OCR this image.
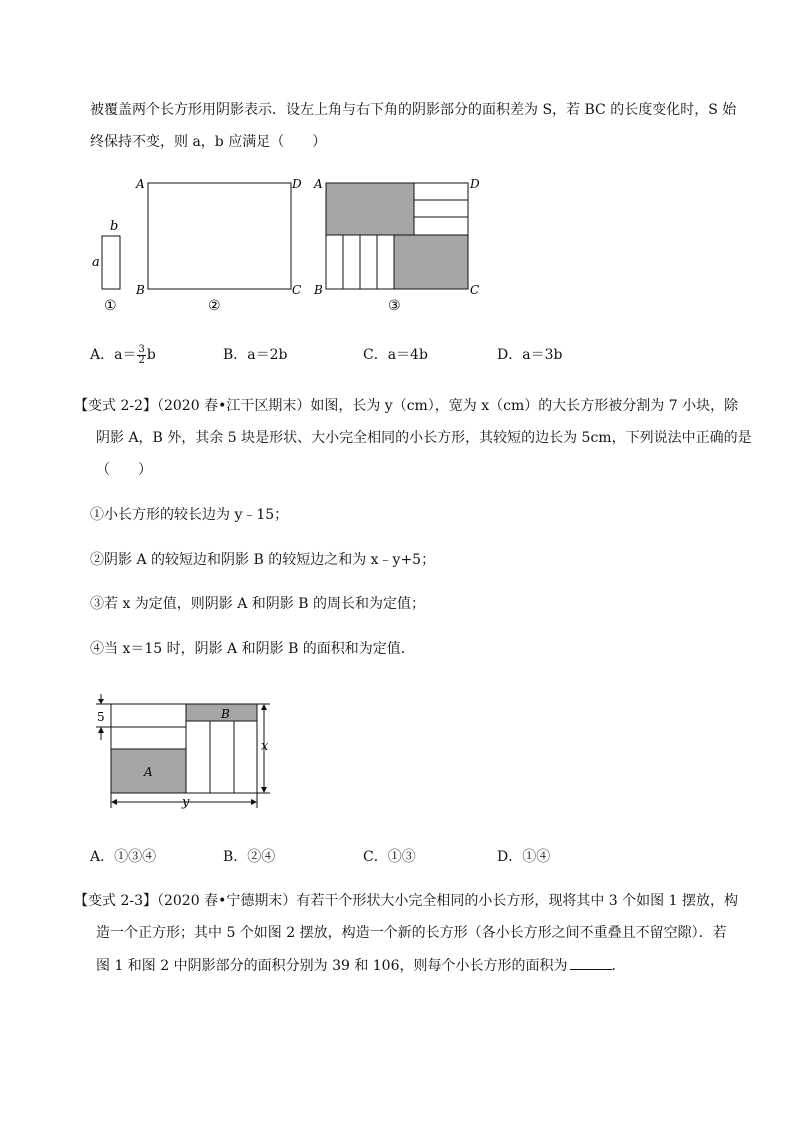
被覆盖两个长方形用阴影表示．设左上角与右下角的阴影部分的面积差为 S，若 BC 的长度变化时，S 始
终保持不变，则 a，b 应满足（　　）
b
a
①
A	D
B	C
②
A	D
B	C
③
A．$a= \frac{3}{2}$ b	B．a＝2b	C．a＝4b	D．a＝3b
【变式 2-2】（2020 春•江干区期末）如图，长为 y（cm），宽为 x（cm）的大长方形被分割为 7 小块，除
阴影 A，B 外，其余 5 块是形状、大小完全相同的小长方形，其较短的边长为 5cm，下列说法中正确的是
（　　）
①小长方形的较长边为 y﹣15；
②阴影 A 的较短边和阴影 B 的较短边之和为 x﹣y+5；
③若 x 为定值，则阴影 A 和阴影 B 的周长和为定值；
④当 x＝15 时，阴影 A 和阴影 B 的面积和为定值．
B
A
5
x
y
A．①③④	B．②④	C．①③	D．①④
【变式 2-3】（2020 春•宁德期末）有若干个形状大小完全相同的小长方形，现将其中 3 个如图 1 摆放，构
造一个正方形；其中 5 个如图 2 摆放，构造一个新的长方形（各小长方形之间不重叠且不留空隙）．若
图 1 和图 2 中阴影部分的面积分别为 39 和 106，则每个小长方形的面积为	．
